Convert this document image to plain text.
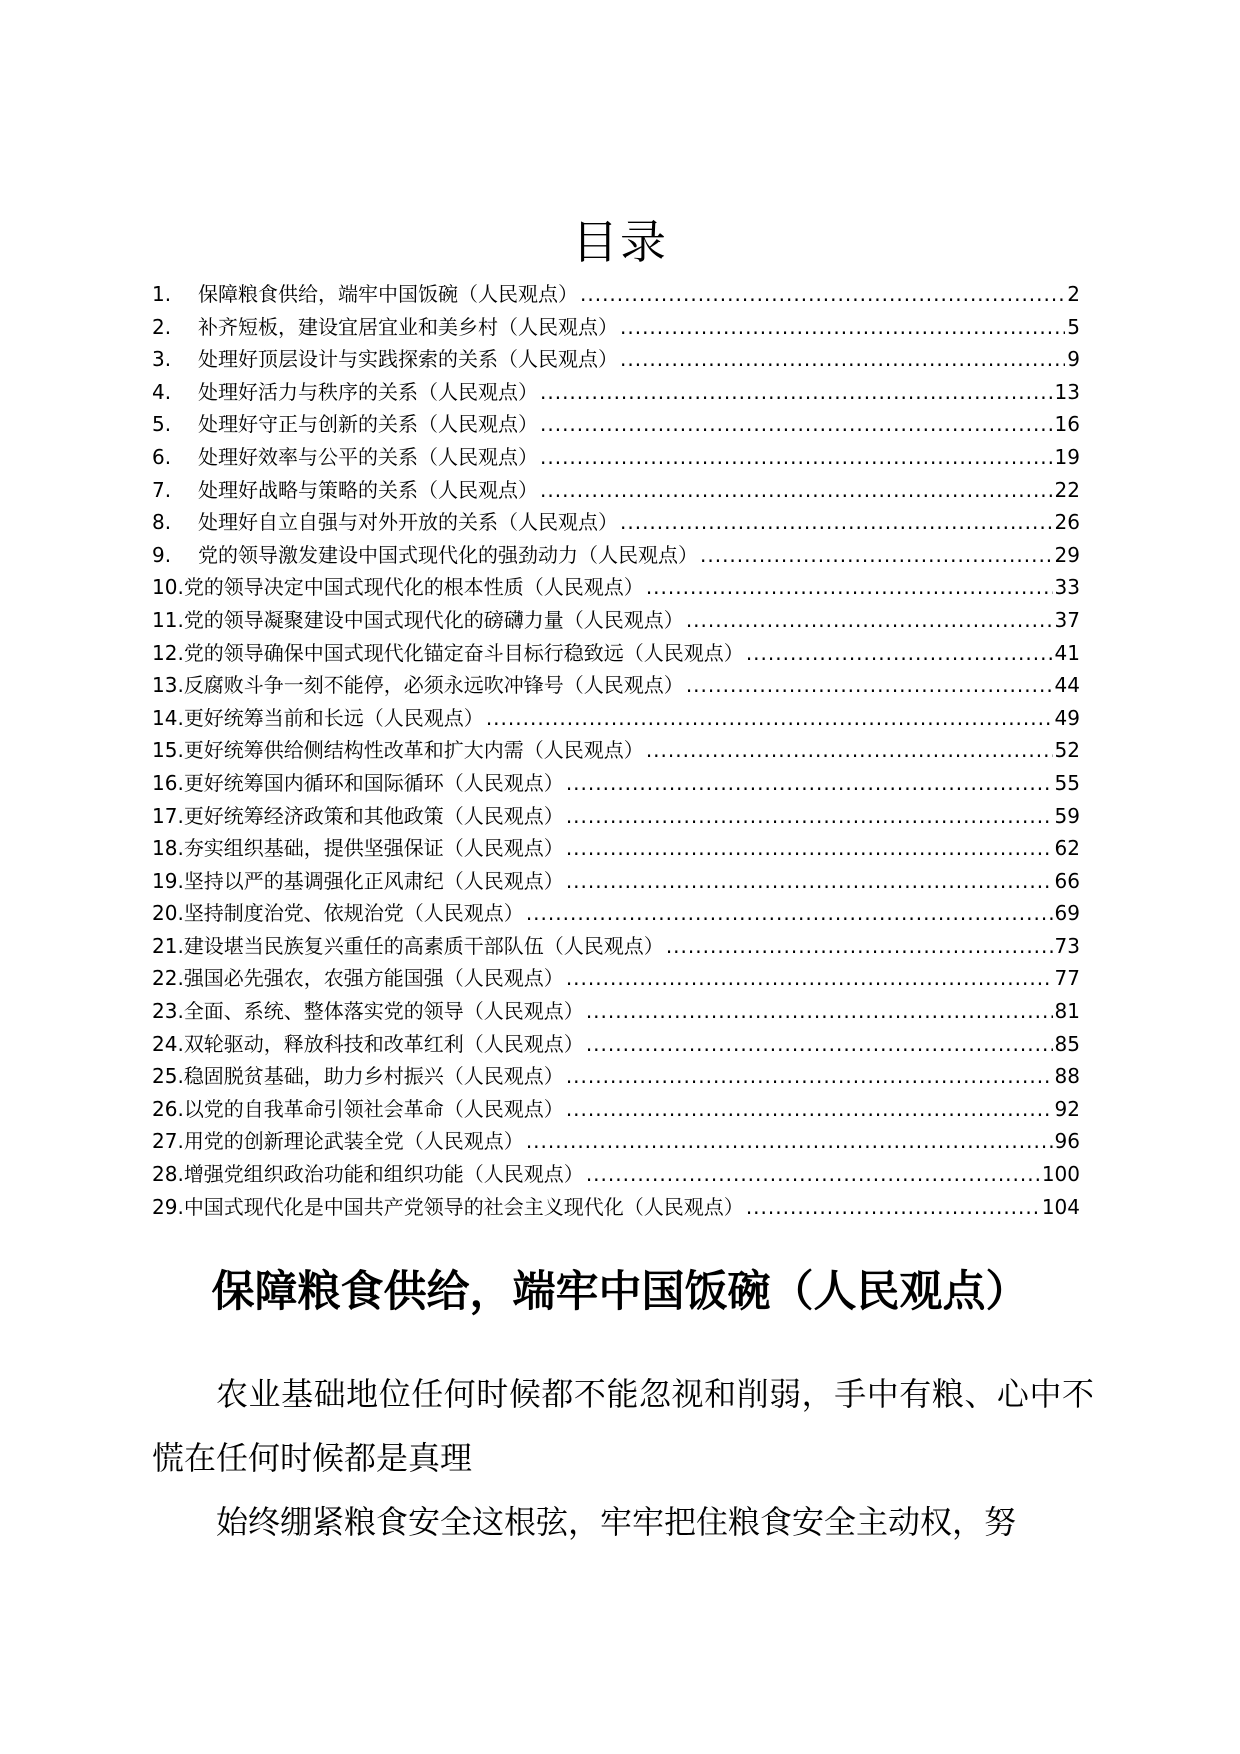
目录
1.	保障粮食供给，端牢中国饭碗（人民观点） .....	2
2.	补齐短板，建设宜居宜业和美乡村（人民观点） .....	5
3.	处理好顶层设计与实践探索的关系（人民观点） .....	9
4.	处理好活力与秩序的关系（人民观点） .....	13
5.	处理好守正与创新的关系（人民观点） .....	16
6.	处理好效率与公平的关系（人民观点） .....	19
7.	处理好战略与策略的关系（人民观点） .....	22
8.	处理好自立自强与对外开放的关系（人民观点） .....	26
9.	党的领导激发建设中国式现代化的强劲动力（人民观点） .....	29
10. 党的领导决定中国式现代化的根本性质（人民观点） .....	33
11. 党的领导凝聚建设中国式现代化的磅礴力量（人民观点） .....	37
12. 党的领导确保中国式现代化锚定奋斗目标行稳致远（人民观点） .....	41
13. 反腐败斗争一刻不能停，必须永远吹冲锋号（人民观点） .....	44
14. 更好统筹当前和长远（人民观点） .....	49
15. 更好统筹供给侧结构性改革和扩大内需（人民观点） .....	52
16. 更好统筹国内循环和国际循环（人民观点） .....	55
17. 更好统筹经济政策和其他政策（人民观点） .....	59
18. 夯实组织基础，提供坚强保证（人民观点） .....	62
19. 坚持以严的基调强化正风肃纪（人民观点） .....	66
20. 坚持制度治党、依规治党（人民观点） .....	69
21. 建设堪当民族复兴重任的高素质干部队伍（人民观点） .....	73
22. 强国必先强农，农强方能国强（人民观点） .....	77
23. 全面、系统、整体落实党的领导（人民观点） .....	81
24. 双轮驱动，释放科技和改革红利（人民观点） .....	85
25. 稳固脱贫基础，助力乡村振兴（人民观点） .....	88
26. 以党的自我革命引领社会革命（人民观点） .....	92
27. 用党的创新理论武装全党（人民观点） .....	96
28. 增强党组织政治功能和组织功能（人民观点） .....	100
29. 中国式现代化是中国共产党领导的社会主义现代化（人民观点） .....	104
保障粮食供给，端牢中国饭碗（人民观点）

农业基础地位任何时候都不能忽视和削弱，手中有粮、心中不慌在任何时候都是真理

始终绷紧粮食安全这根弦，牢牢把住粮食安全主动权，努
